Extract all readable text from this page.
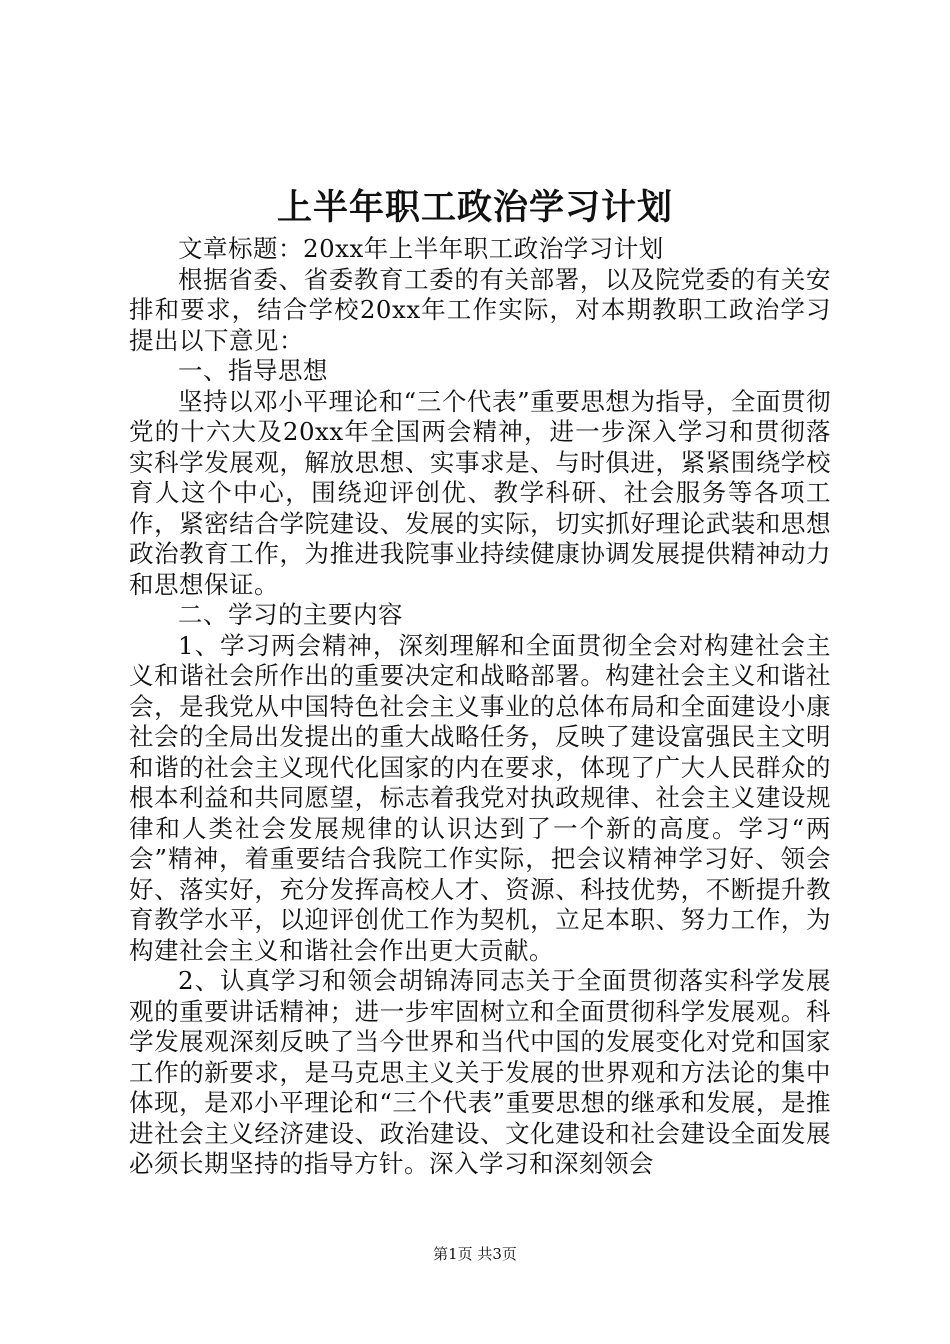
上半年职工政治学习计划

文章标题：20xx年上半年职工政治学习计划

根据省委、省委教育工委的有关部署，以及院党委的有关安排和要求，结合学校20xx年工作实际，对本期教职工政治学习提出以下意见：

一、指导思想

坚持以邓小平理论和“三个代表”重要思想为指导，全面贯彻党的十六大及20xx年全国两会精神，进一步深入学习和贯彻落实科学发展观，解放思想、实事求是、与时俱进，紧紧围绕学校育人这个中心，围绕迎评创优、教学科研、社会服务等各项工作，紧密结合学院建设、发展的实际，切实抓好理论武装和思想政治教育工作，为推进我院事业持续健康协调发展提供精神动力和思想保证。

二、学习的主要内容

1、学习两会精神，深刻理解和全面贯彻全会对构建社会主义和谐社会所作出的重要决定和战略部署。构建社会主义和谐社会，是我党从中国特色社会主义事业的总体布局和全面建设小康社会的全局出发提出的重大战略任务，反映了建设富强民主文明和谐的社会主义现代化国家的内在要求，体现了广大人民群众的根本利益和共同愿望，标志着我党对执政规律、社会主义建设规律和人类社会发展规律的认识达到了一个新的高度。学习“两会”精神，着重要结合我院工作实际，把会议精神学习好、领会好、落实好，充分发挥高校人才、资源、科技优势，不断提升教育教学水平，以迎评创优工作为契机，立足本职、努力工作，为构建社会主义和谐社会作出更大贡献。

2、认真学习和领会胡锦涛同志关于全面贯彻落实科学发展观的重要讲话精神；进一步牢固树立和全面贯彻科学发展观。科学发展观深刻反映了当今世界和当代中国的发展变化对党和国家工作的新要求，是马克思主义关于发展的世界观和方法论的集中体现，是邓小平理论和“三个代表”重要思想的继承和发展，是推进社会主义经济建设、政治建设、文化建设和社会建设全面发展必须长期坚持的指导方针。深入学习和深刻领会

第1页 共3页
